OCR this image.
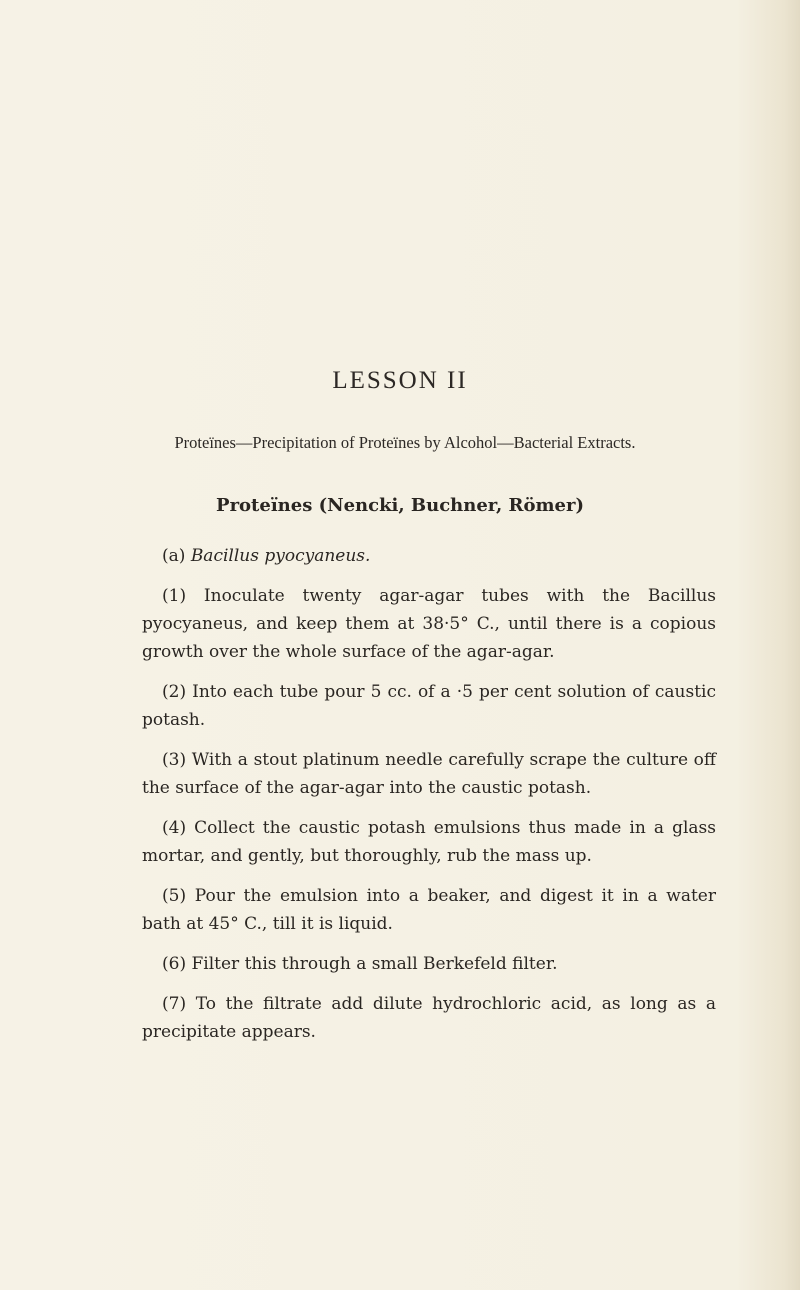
LESSON II
Proteïnes—Precipitation of Proteïnes by Alcohol—Bacterial Extracts.
Proteïnes (Nencki, Buchner, Römer)

(a) Bacillus pyocyaneus.

(1) Inoculate twenty agar-agar tubes with the Bacillus pyocyaneus, and keep them at 38·5° C., until there is a copious growth over the whole surface of the agar-agar.

(2) Into each tube pour 5 cc. of a ·5 per cent solution of caustic potash.

(3) With a stout platinum needle carefully scrape the culture off the surface of the agar-agar into the caustic potash.

(4) Collect the caustic potash emulsions thus made in a glass mortar, and gently, but thoroughly, rub the mass up.

(5) Pour the emulsion into a beaker, and digest it in a water bath at 45° C., till it is liquid.

(6) Filter this through a small Berkefeld filter.

(7) To the filtrate add dilute hydrochloric acid, as long as a precipitate appears.
